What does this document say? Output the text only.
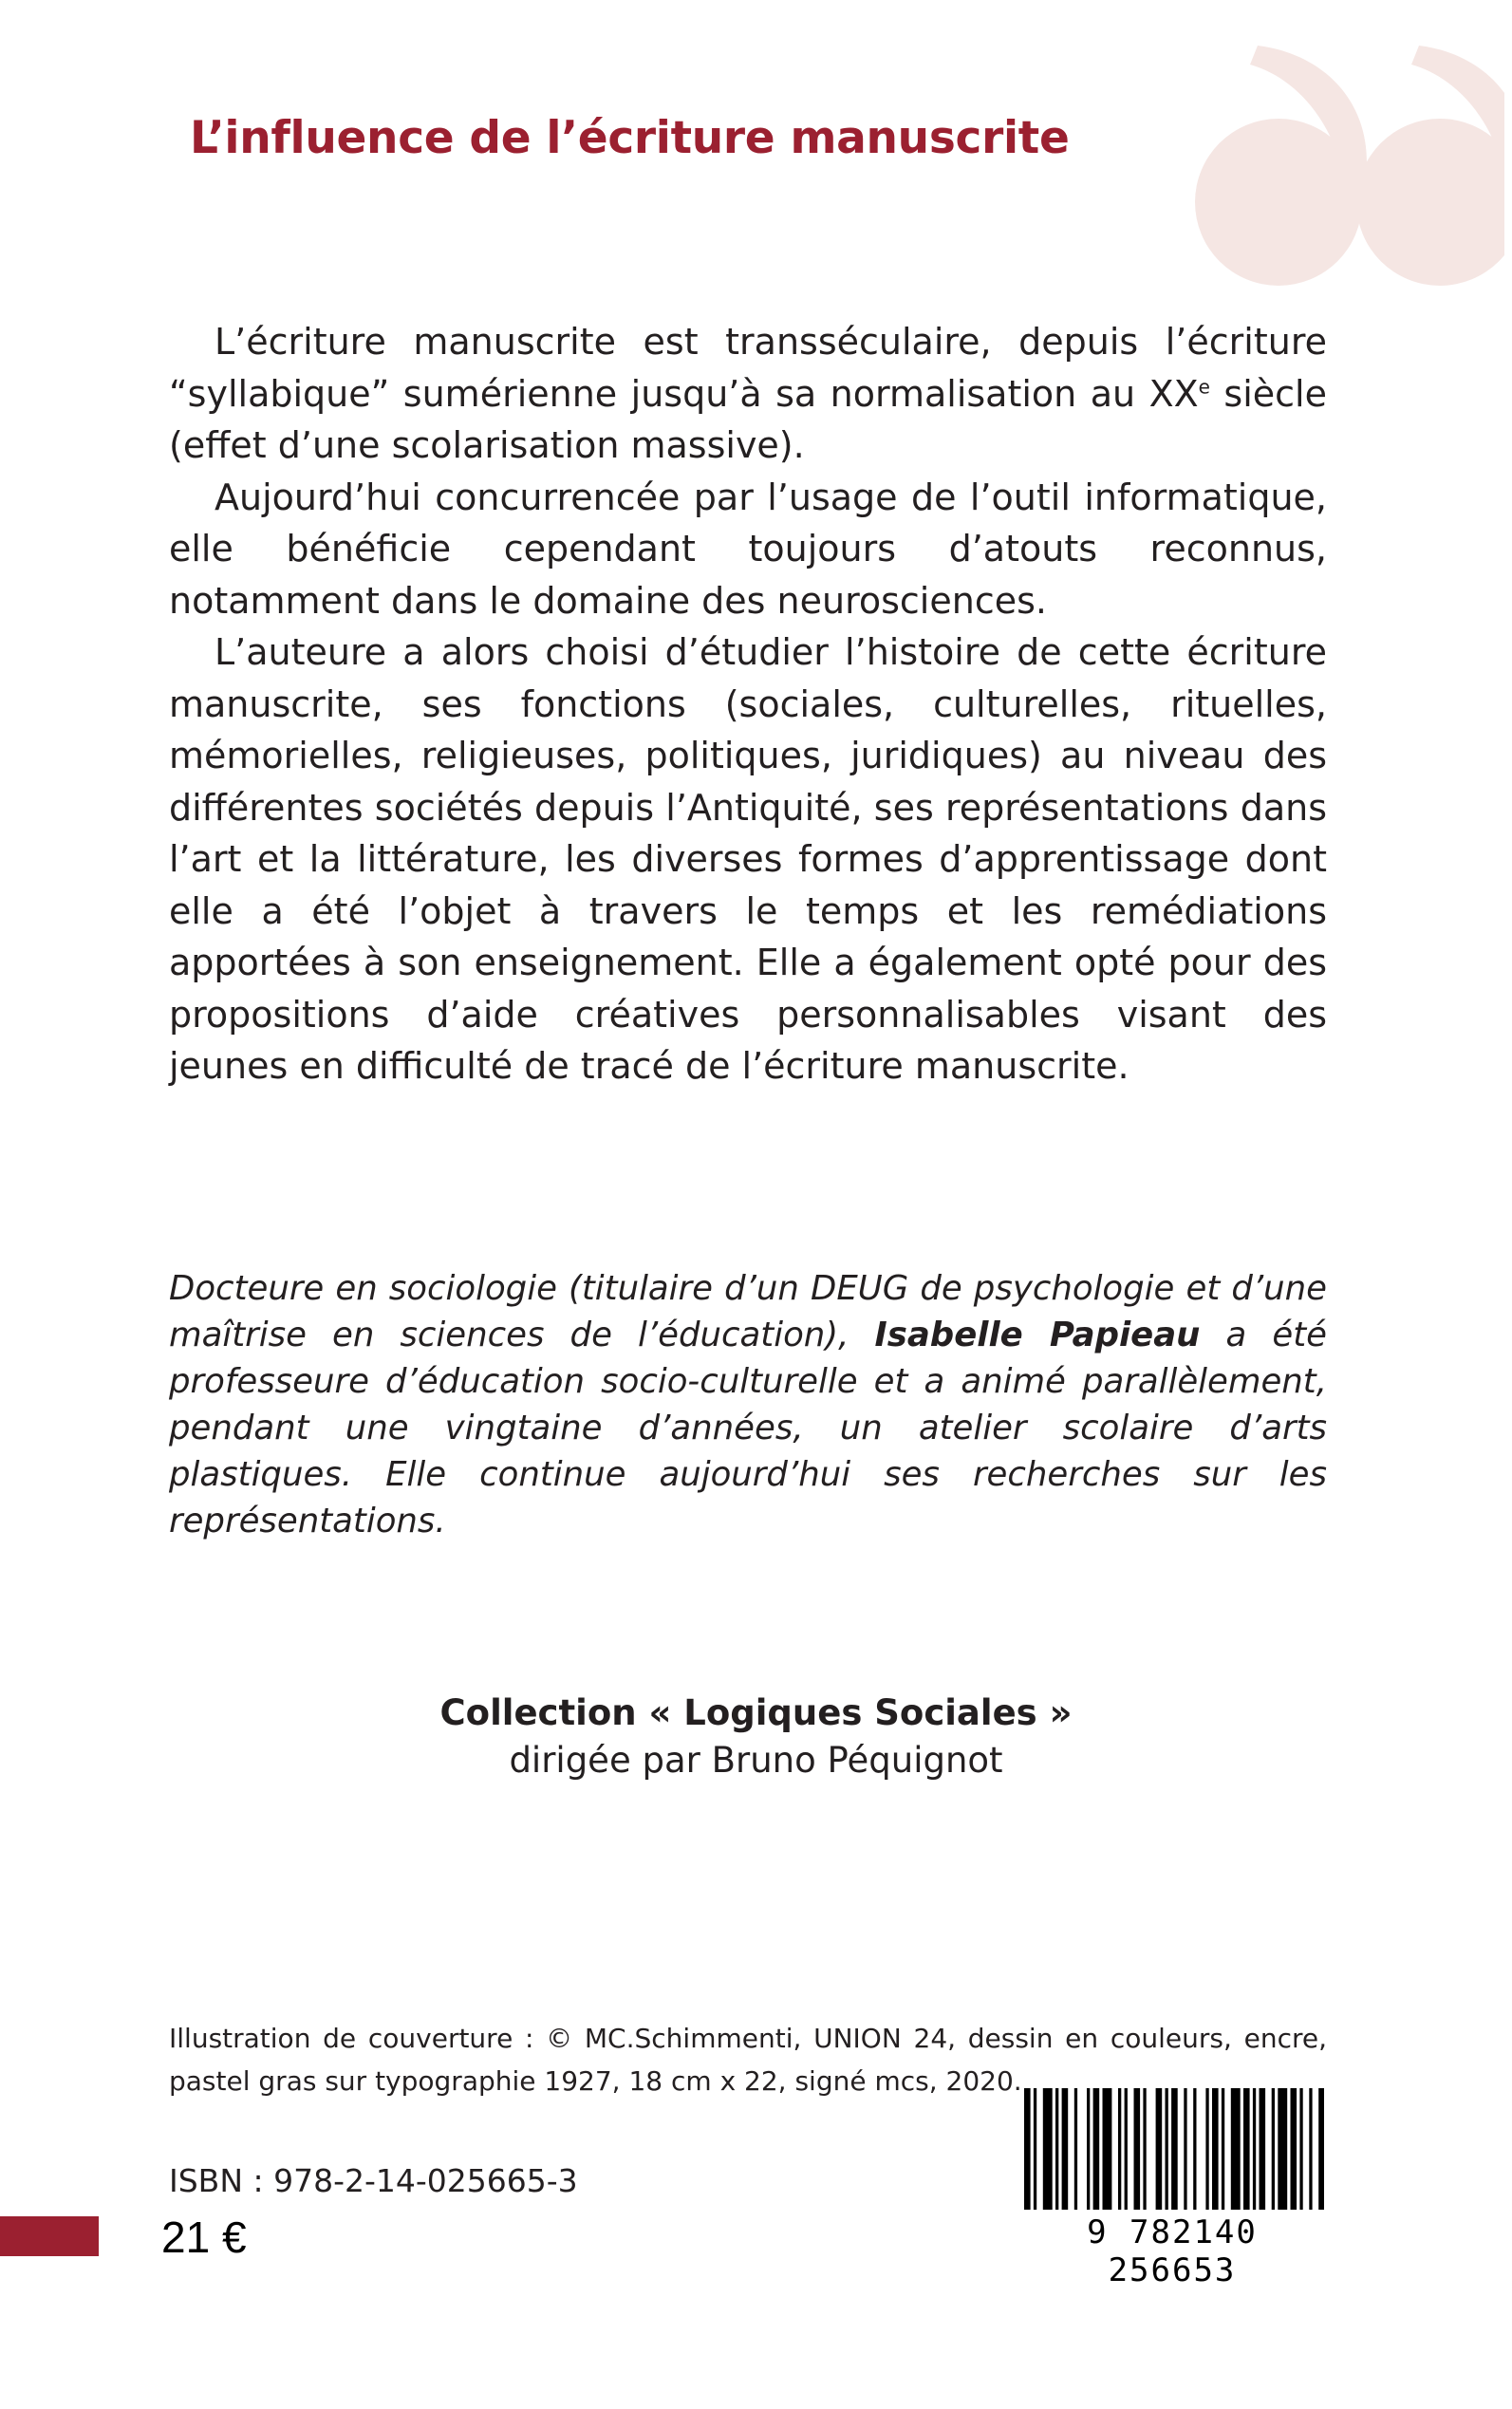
L’influence de l’écriture manuscrite

L’écriture manuscrite est transséculaire, depuis l’écriture “syllabique” sumérienne jusqu’à sa normalisation au XXe siècle (effet d’une scolarisation massive).

Aujourd’hui concurrencée par l’usage de l’outil informatique, elle bénéficie cependant toujours d’atouts reconnus, notamment dans le domaine des neurosciences.

L’auteure a alors choisi d’étudier l’histoire de cette écriture manuscrite, ses fonctions (sociales, culturelles, rituelles, mémorielles, religieuses, politiques, juridiques) au niveau des différentes sociétés depuis l’Antiquité, ses représentations dans l’art et la littérature, les diverses formes d’apprentissage dont elle a été l’objet à travers le temps et les remédiations apportées à son enseignement. Elle a également opté pour des propositions d’aide créatives personnalisables visant des jeunes en difficulté de tracé de l’écriture manuscrite.

Docteure en sociologie (titulaire d’un DEUG de psychologie et d’une maîtrise en sciences de l’éducation), Isabelle Papieau a été professeure d’éducation socio-culturelle et a animé parallèlement, pendant une vingtaine d’années, un atelier scolaire d’arts plastiques. Elle continue aujourd’hui ses recherches sur les représentations.

Collection « Logiques Sociales »
dirigée par Bruno Péquignot

Illustration de couverture : © MC.Schimmenti, UNION 24, dessin en couleurs, encre, pastel gras sur typographie 1927, 18 cm x 22, signé mcs, 2020.

ISBN : 978-2-14-025665-3

21 €	9 782140 256653
